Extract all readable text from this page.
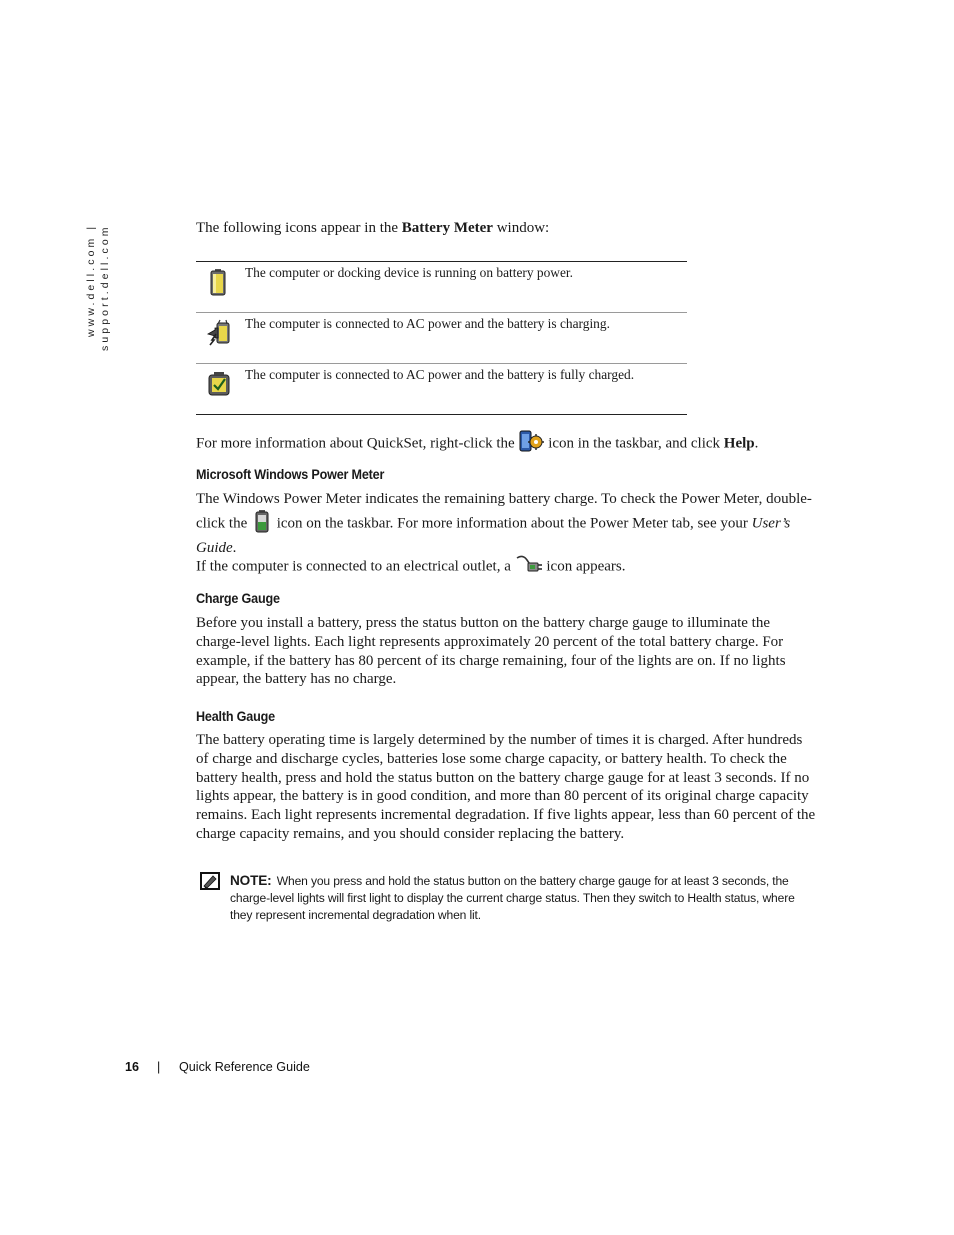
www.dell.com | support.dell.com	The following icons appear in the Battery Meter window:

The computer or docking device is running on battery power.
The computer is connected to AC power and the battery is charging.
The computer is connected to AC power and the battery is fully charged.

For more information about QuickSet, right-click the  icon in the taskbar, and click Help.

Microsoft Windows Power Meter

The Windows Power Meter indicates the remaining battery charge. To check the Power Meter, double-click the  icon on the taskbar. For more information about the Power Meter tab, see your User’s Guide.

If the computer is connected to an electrical outlet, a  icon appears.

Charge Gauge

Before you install a battery, press the status button on the battery charge gauge to illuminate the charge-level lights. Each light represents approximately 20 percent of the total battery charge. For example, if the battery has 80 percent of its charge remaining, four of the lights are on. If no lights appear, the battery has no charge.

Health Gauge

The battery operating time is largely determined by the number of times it is charged. After hundreds of charge and discharge cycles, batteries lose some charge capacity, or battery health. To check the battery health, press and hold the status button on the battery charge gauge for at least 3 seconds. If no lights appear, the battery is in good condition, and more than 80 percent of its original charge capacity remains. Each light represents incremental degradation. If five lights appear, less than 60 percent of the charge capacity remains, and you should consider replacing the battery.

NOTE: When you press and hold the status button on the battery charge gauge for at least 3 seconds, the charge-level lights will first light to display the current charge status. Then they switch to Health status, where they represent incremental degradation when lit.
16 | Quick Reference Guide
